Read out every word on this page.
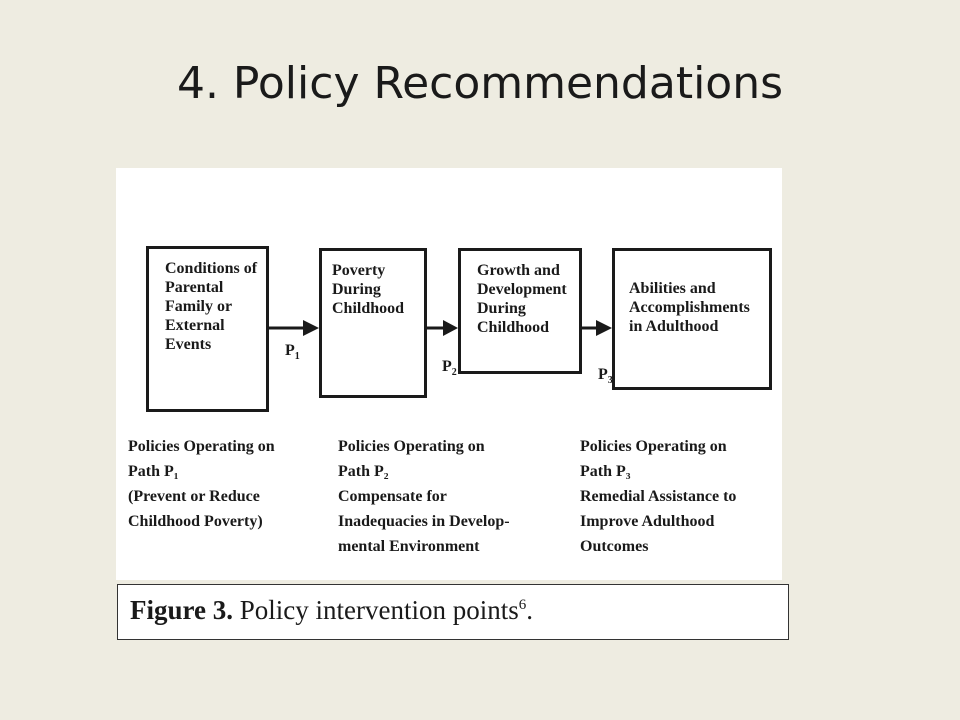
4. Policy Recommendations
Conditions of
Parental
Family or
External
Events
Poverty
During
Childhood
Growth and
Development
During
Childhood
Abilities and
Accomplishments
in Adulthood
$P_1$
$P_2$	$P_3$
Policies Operating on
Path P₁
(Prevent or Reduce
Childhood Poverty)
Policies Operating on
Path P₂
Compensate for
Inadequacies in Develop-
mental Environment
Policies Operating on
Path P₃
Remedial Assistance to
Improve Adulthood
Outcomes
Figure 3. Policy intervention points$^6$.
